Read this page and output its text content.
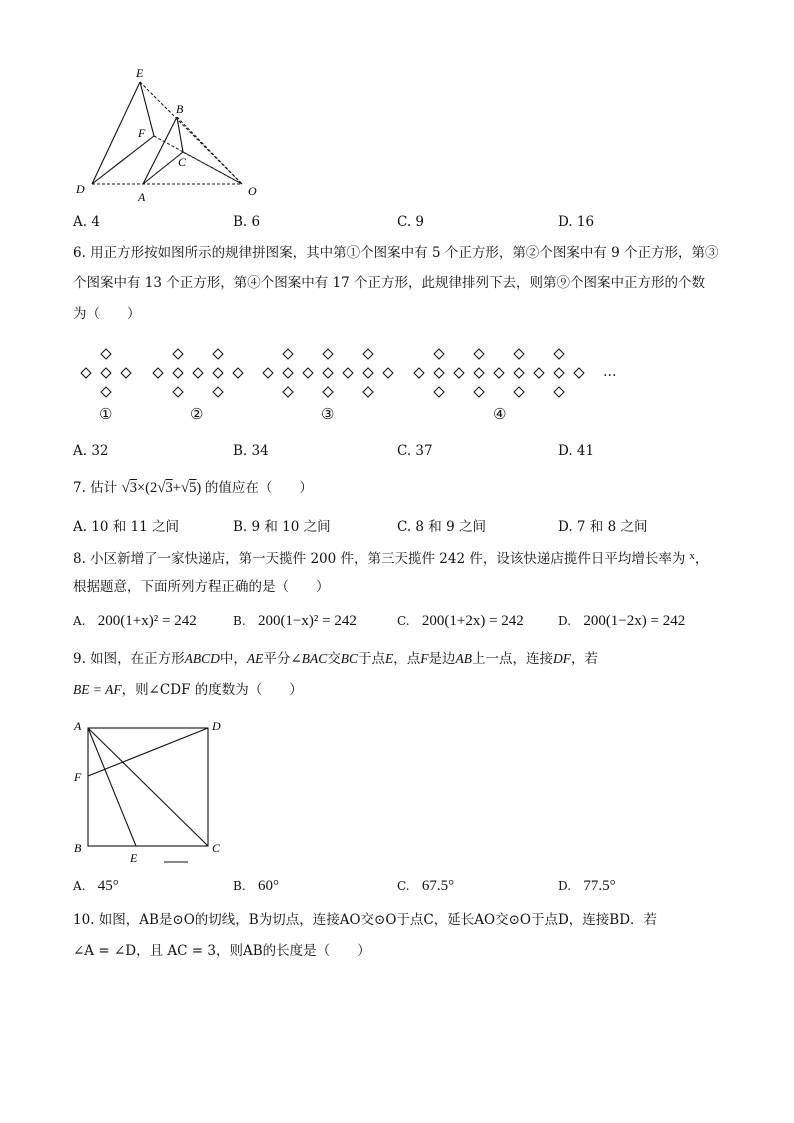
E
B
F
C
D
A	O
A. 4	B. 6	C. 9	D. 16
6. 用正方形按如图所示的规律拼图案，其中第①个图案中有 5 个正方形，第②个图案中有 9 个正方形，第③
个图案中有 13 个正方形，第④个图案中有 17 个正方形，此规律排列下去，则第⑨个图案中正方形的个数
为（　　）
①	②	③	④
…
A. 32	B. 34	C. 37	D. 41
7. 估计 √3×(2√3+√5) 的值应在（　　）
A. 10 和 11 之间	B. 9 和 10 之间	C. 8 和 9 之间	D. 7 和 8 之间
8. 小区新增了一家快递店，第一天揽件 200 件，第三天揽件 242 件，设该快递店揽件日平均增长率为 $^x$，
根据题意，下面所列方程正确的是（　　）
A. 200(1+x)² = 242	B. 200(1−x)² = 242	C. 200(1+2x) = 242	D. 200(1−2x) = 242
9. 如图，在正方形ABCD中，AE平分∠BAC交BC于点E，点F是边AB上一点，连接DF，若
BE = AF，则∠CDF 的度数为（　　）
A	D
F
B
E
C
A. 45°	B. 60°	C. 67.5°	D. 77.5°
10. 如图，AB是⊙O的切线，B为切点，连接AO交⊙O于点C，延长AO交⊙O于点D，连接BD．若
∠A = ∠D，且 AC = 3，则AB的长度是（　　）
